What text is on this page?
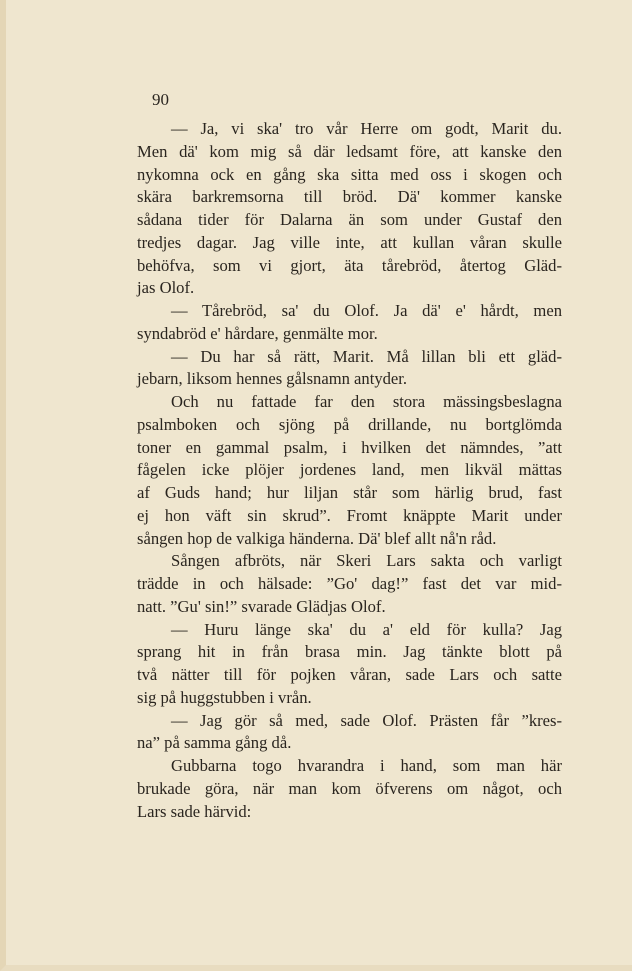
90
— Ja, vi ska' tro vår Herre om godt, Marit du.
Men dä' kom mig så där ledsamt före, att kanske den
nykomna ock en gång ska sitta med oss i skogen och
skära barkremsorna till bröd. Dä' kommer kanske
sådana tider för Dalarna än som under Gustaf den
tredjes dagar. Jag ville inte, att kullan våran skulle
behöfva, som vi gjort, äta tårebröd, återtog Gläd-
jas Olof.
— Tårebröd, sa' du Olof. Ja dä' e' hårdt, men
syndabröd e' hårdare, genmälte mor.
— Du har så rätt, Marit. Må lillan bli ett gläd-
jebarn, liksom hennes gålsnamn antyder.
Och nu fattade far den stora mässingsbeslagna
psalmboken och sjöng på drillande, nu bortglömda
toner en gammal psalm, i hvilken det nämndes, ”att
fågelen icke plöjer jordenes land, men likväl mättas
af Guds hand; hur liljan står som härlig brud, fast
ej hon väft sin skrud”. Fromt knäppte Marit under
sången hop de valkiga händerna. Dä' blef allt nå'n råd.
Sången afbröts, när Skeri Lars sakta och varligt
trädde in och hälsade: ”Go' dag!” fast det var mid-
natt. ”Gu' sin!” svarade Glädjas Olof.
— Huru länge ska' du a' eld för kulla? Jag
sprang hit in från brasa min. Jag tänkte blott på
två nätter till för pojken våran, sade Lars och satte
sig på huggstubben i vrån.
— Jag gör så med, sade Olof. Prästen får ”kres-
na” på samma gång då.
Gubbarna togo hvarandra i hand, som man här
brukade göra, när man kom öfverens om något, och
Lars sade härvid:
